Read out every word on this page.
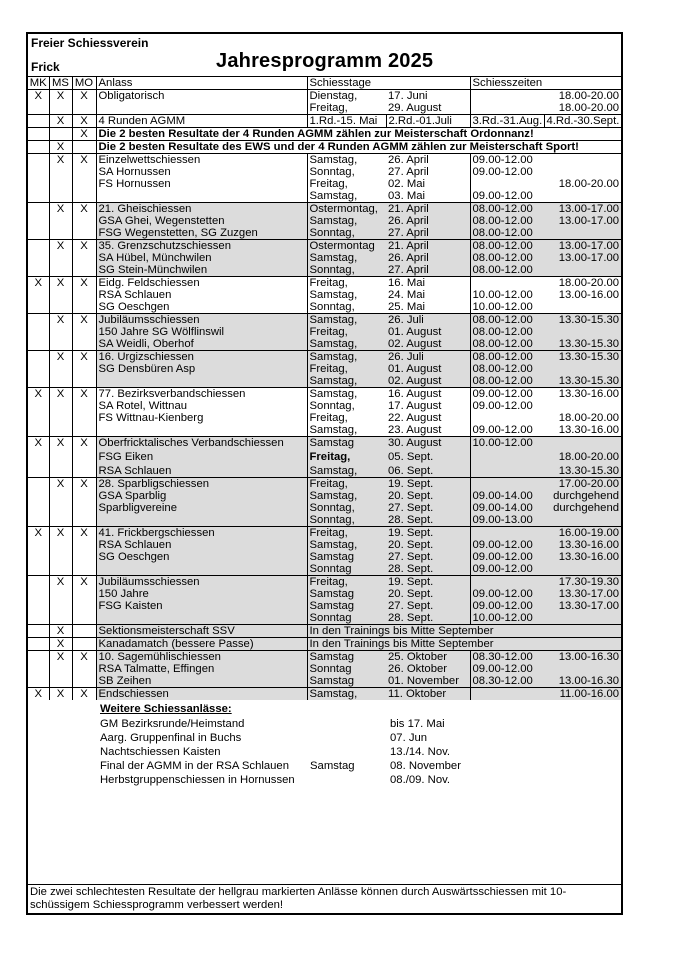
Freier Schiessverein
Frick	Jahresprogramm 2025
MK	MS	MO	Anlass	Schiesstage		Schiesszeiten	
X	X	X	Obligatorisch	Dienstag,	17. Juni		18.00-20.00
				Freitag,	29. August		18.00-20.00
	X	X	4 Runden AGMM	1.Rd.-15. Mai	2.Rd.-01.Juli	3.Rd.-31.Aug.	4.Rd.-30.Sept.
		X	Die 2 besten Resultate der 4 Runden AGMM zählen zur Meisterschaft Ordonnanz!				
	X		Die 2 besten Resultate des EWS und der 4 Runden AGMM zählen zur Meisterschaft Sport!				
	X	X	Einzelwettschiessen	Samstag,	26. April	09.00-12.00	
			SA Hornussen	Sonntag,	27. April	09.00-12.00	
			FS Hornussen	Freitag,	02. Mai		18.00-20.00
				Samstag,	03. Mai	09.00-12.00	
	X	X	21. Gheischiessen	Ostermontag,	21. April	08.00-12.00	13.00-17.00
			GSA Ghei, Wegenstetten	Samstag,	26. April	08.00-12.00	13.00-17.00
			FSG Wegenstetten, SG Zuzgen	Sonntag,	27. April	08.00-12.00	
	X	X	35. Grenzschutzschiessen	Ostermontag	21. April	08.00-12.00	13.00-17.00
			SA Hübel, Münchwilen	Samstag,	26. April	08.00-12.00	13.00-17.00
			SG Stein-Münchwilen	Sonntag,	27. April	08.00-12.00	
X	X	X	Eidg. Feldschiessen	Freitag,	16. Mai		18.00-20.00
			RSA Schlauen	Samstag,	24. Mai	10.00-12.00	13.00-16.00
			SG Oeschgen	Sonntag,	25. Mai	10.00-12.00	
	X	X	Jubiläumsschiessen	Samstag,	26. Juli	08.00-12.00	13.30-15.30
			150 Jahre SG Wölflinswil	Freitag,	01. August	08.00-12.00	
			SA Weidli, Oberhof	Samstag,	02. August	08.00-12.00	13.30-15.30
	X	X	16. Urgizschiessen	Samstag,	26. Juli	08.00-12.00	13.30-15.30
			SG Densbüren Asp	Freitag,	01. August	08.00-12.00	
				Samstag,	02. August	08.00-12.00	13.30-15.30
X	X	X	77. Bezirksverbandschiessen	Samstag,	16. August	09.00-12.00	13.30-16.00
			SA Rotel, Wittnau	Sonntag,	17. August	09.00-12.00	
			FS Wittnau-Kienberg	Freitag,	22. August		18.00-20.00
				Samstag,	23. August	09.00-12.00	13.30-16.00
X	X	X	Oberfricktalisches Verbandschiessen	Samstag	30. August	10.00-12.00	
			FSG Eiken	Freitag,	05. Sept.		18.00-20.00
			RSA Schlauen	Samstag,	06. Sept.		13.30-15.30
	X	X	28. Sparbligschiessen	Freitag,	19. Sept.		17.00-20.00
			GSA Sparblig	Samstag,	20. Sept.	09.00-14.00	durchgehend
			Sparbligvereine	Sonntag,	27. Sept.	09.00-14.00	durchgehend
				Sonntag,	28. Sept.	09.00-13.00	
X	X	X	41. Frickbergschiessen	Freitag,	19. Sept.		16.00-19.00
			RSA Schlauen	Samstag,	20. Sept.	09.00-12.00	13.30-16.00
			SG Oeschgen	Samstag	27. Sept.	09.00-12.00	13.30-16.00
				Sonntag	28. Sept.	09.00-12.00	
	X	X	Jubiläumsschiessen	Freitag,	19. Sept.		17.30-19.30
			150 Jahre	Samstag	20. Sept.	09.00-12.00	13.30-17.00
			FSG Kaisten	Samstag	27. Sept.	09.00-12.00	13.30-17.00
				Sonntag	28. Sept.	10.00-12.00	
	X		Sektionsmeisterschaft SSV	In den Trainings bis Mitte September			
	X		Kanadamatch (bessere Passe)	In den Trainings bis Mitte September			
	X	X	10. Sagemühlischiessen	Samstag	25. Oktober	08.30-12.00	13.00-16.30
			RSA Talmatte, Effingen	Sonntag	26. Oktober	09.00-12.00	
			SB Zeihen	Samstag	01. November	08.30-12.00	13.00-16.30
X	X	X	Endschiessen	Samstag,	11. Oktober		11.00-16.00
Weitere Schiessanlässe:
GM Bezirksrunde/Heimstand	bis 17. Mai
Aarg. Gruppenfinal in Buchs	07. Jun
Nachtschiessen Kaisten	13./14. Nov.
Final der AGMM in der RSA Schlauen Samstag	08. November
Herbstgruppenschiessen in Hornussen	08./09. Nov.
Die zwei schlechtesten Resultate der hellgrau markierten Anlässe können durch Auswärtsschiessen mit 10-schüssigem Schiessprogramm verbessert werden!
